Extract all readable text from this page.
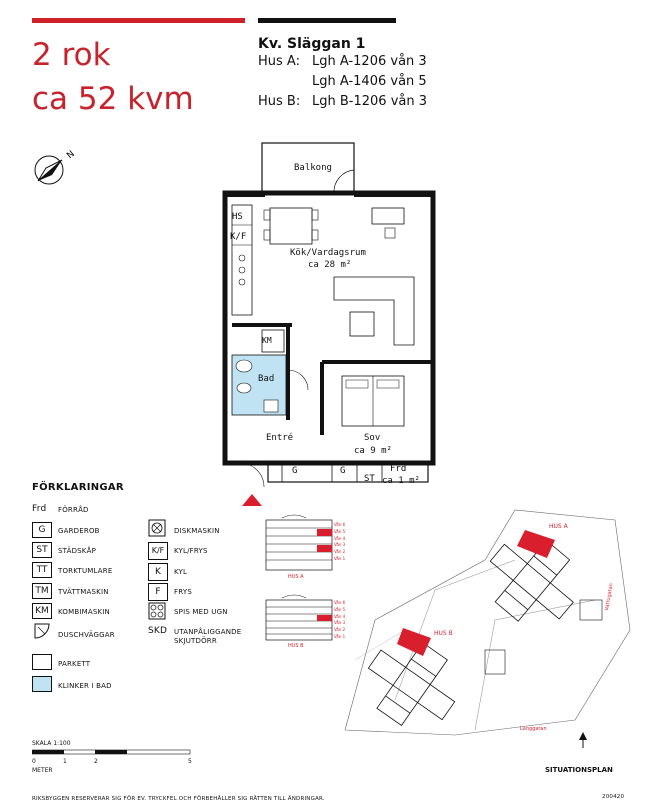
2 rok
ca 52 kvm
Kv. Släggan 1
Hus A: Lgh A-1206 vån 3
Lgh A-1406 vån 5
Hus B: Lgh B-1206 vån 3
N
Balkong
HS
K/F
Kök/Vardagsrum
ca 28 m²
KM
Bad
Entré	Sov
ca 9 m²
G	G
ST
Frd
ca 1 m²
FÖRKLARINGAR
Frd FÖRRÅD
G	GARDEROB
ST	STÄDSKÅP
TT	TORKTUMLARE
TM	TVÄTTMASKIN
KM	KOMBIMASKIN
DUSCHVÄGGAR
PARKETT
KLINKER I BAD
DISKMASKIN
K/F	KYL/FRYS
K	KYL
F	FRYS
SPIS MED UGN
SKD UTANPÅLIGGANDE SKJUTDÖRR
Vån 6
Vån 5
Vån 4
Vån 3
Vån 2
Vån 1
HUS A
Vån 6
Vån 5
Vån 4
Vån 3
Vån 2
Vån 1
HUS B
HUS A
HUS B
Länggatan
Vattugatan
SITUATIONSPLAN
SKALA 1:100
0	1	2	5
METER
RIKSBYGGEN RESERVERAR SIG FÖR EV. TRYCKFEL OCH FÖRBEHÅLLER SIG RÄTTEN TILL ÄNDRINGAR.	200420
